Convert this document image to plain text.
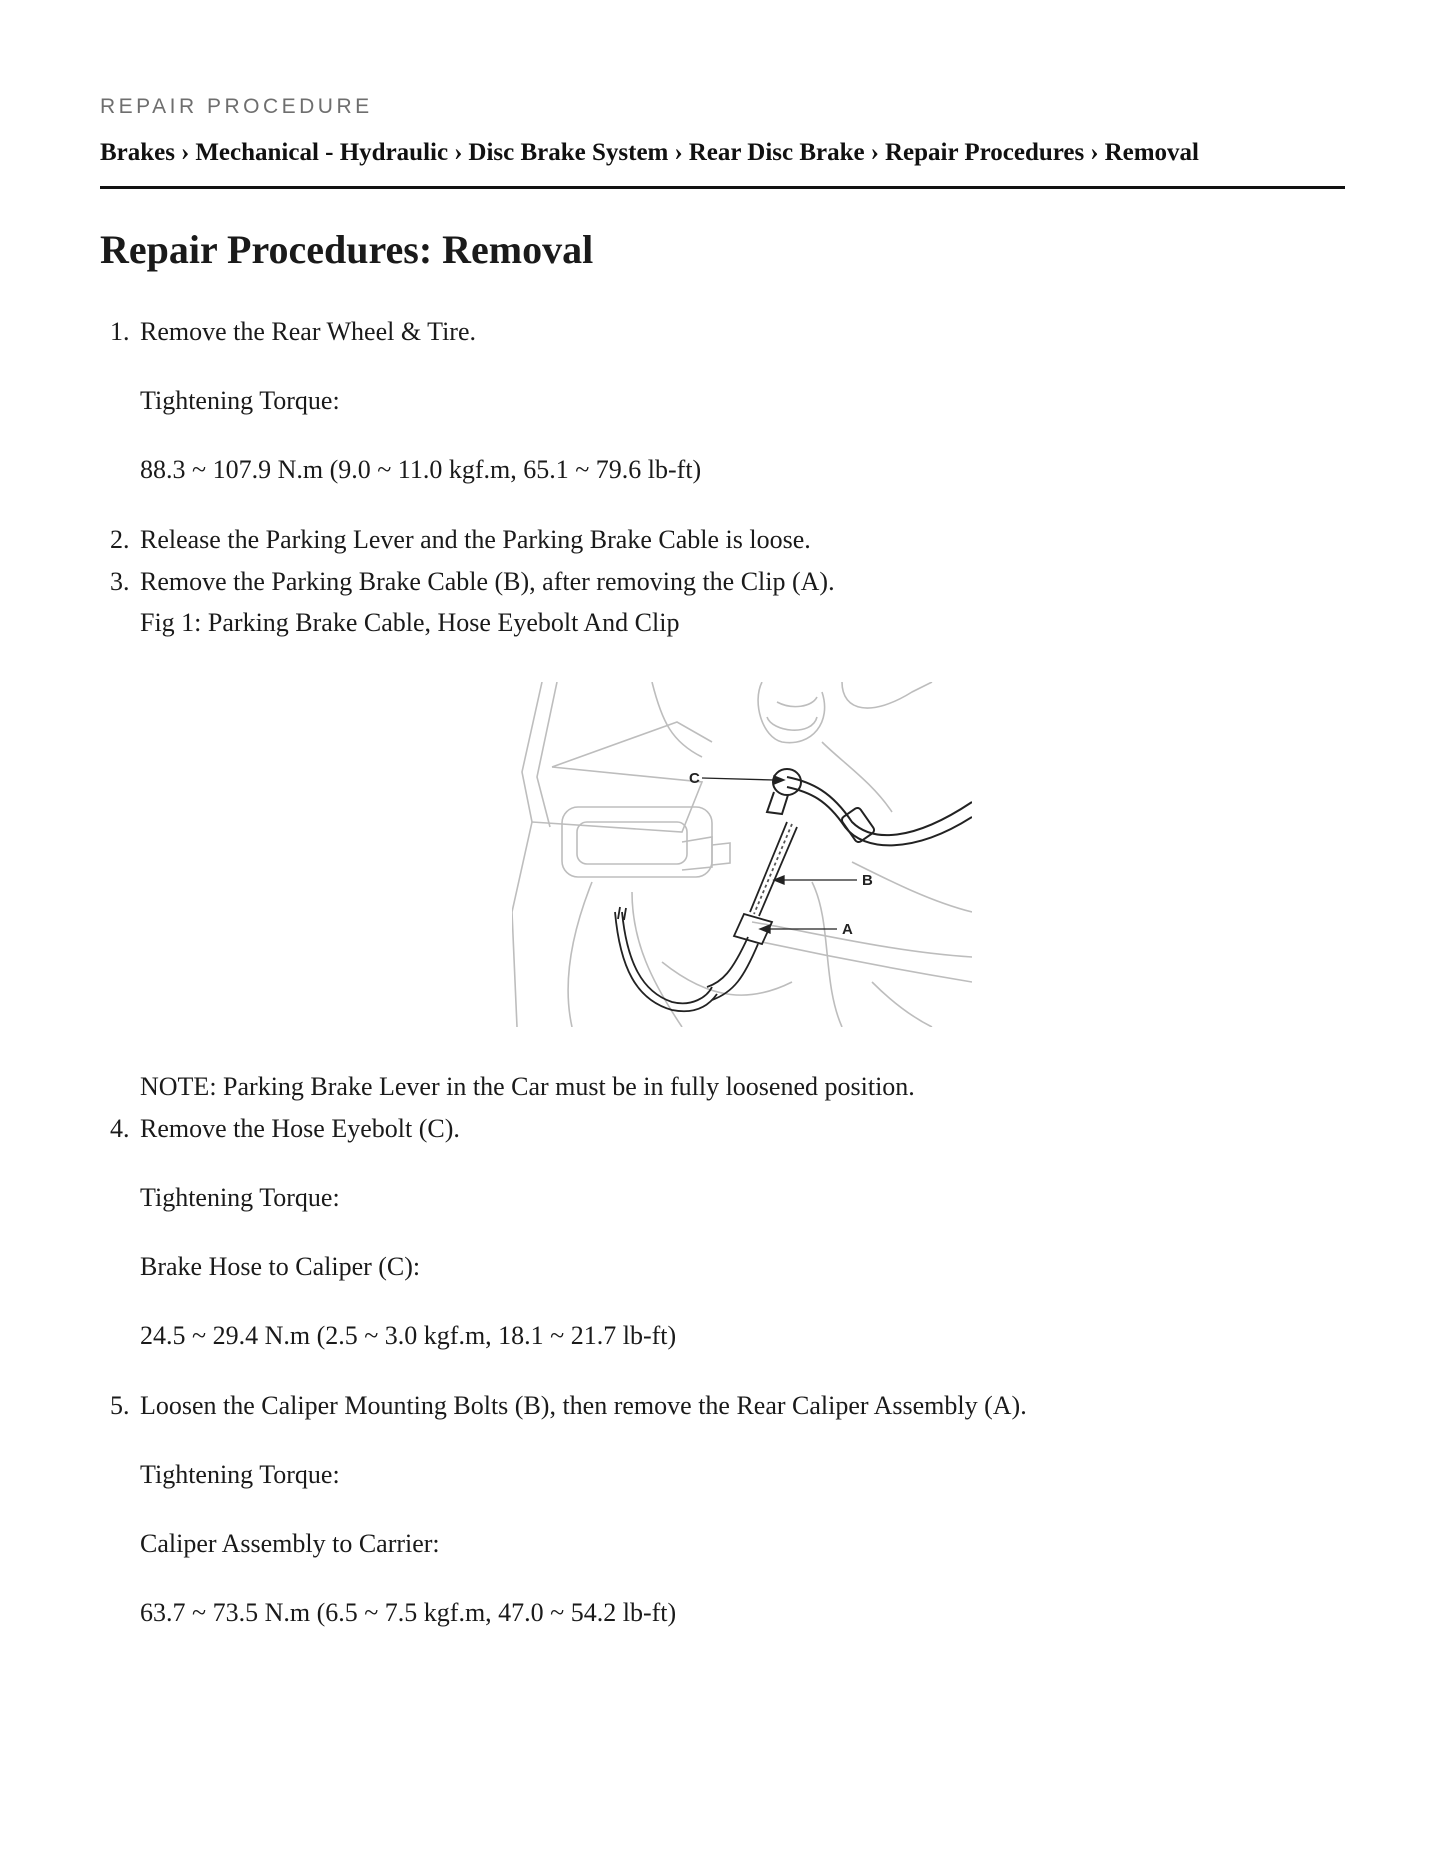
REPAIR PROCEDURE
Brakes › Mechanical - Hydraulic › Disc Brake System › Rear Disc Brake › Repair Procedures › Removal
Repair Procedures: Removal
1. Remove the Rear Wheel & Tire.
Tightening Torque:
88.3 ~ 107.9 N.m (9.0 ~ 11.0 kgf.m, 65.1 ~ 79.6 lb-ft)
2. Release the Parking Lever and the Parking Brake Cable is loose.
3. Remove the Parking Brake Cable (B), after removing the Clip (A).
Fig 1: Parking Brake Cable, Hose Eyebolt And Clip
C
B
A
NOTE: Parking Brake Lever in the Car must be in fully loosened position.
4. Remove the Hose Eyebolt (C).
Tightening Torque:
Brake Hose to Caliper (C):
24.5 ~ 29.4 N.m (2.5 ~ 3.0 kgf.m, 18.1 ~ 21.7 lb-ft)
5. Loosen the Caliper Mounting Bolts (B), then remove the Rear Caliper Assembly (A).
Tightening Torque:
Caliper Assembly to Carrier:
63.7 ~ 73.5 N.m (6.5 ~ 7.5 kgf.m, 47.0 ~ 54.2 lb-ft)
